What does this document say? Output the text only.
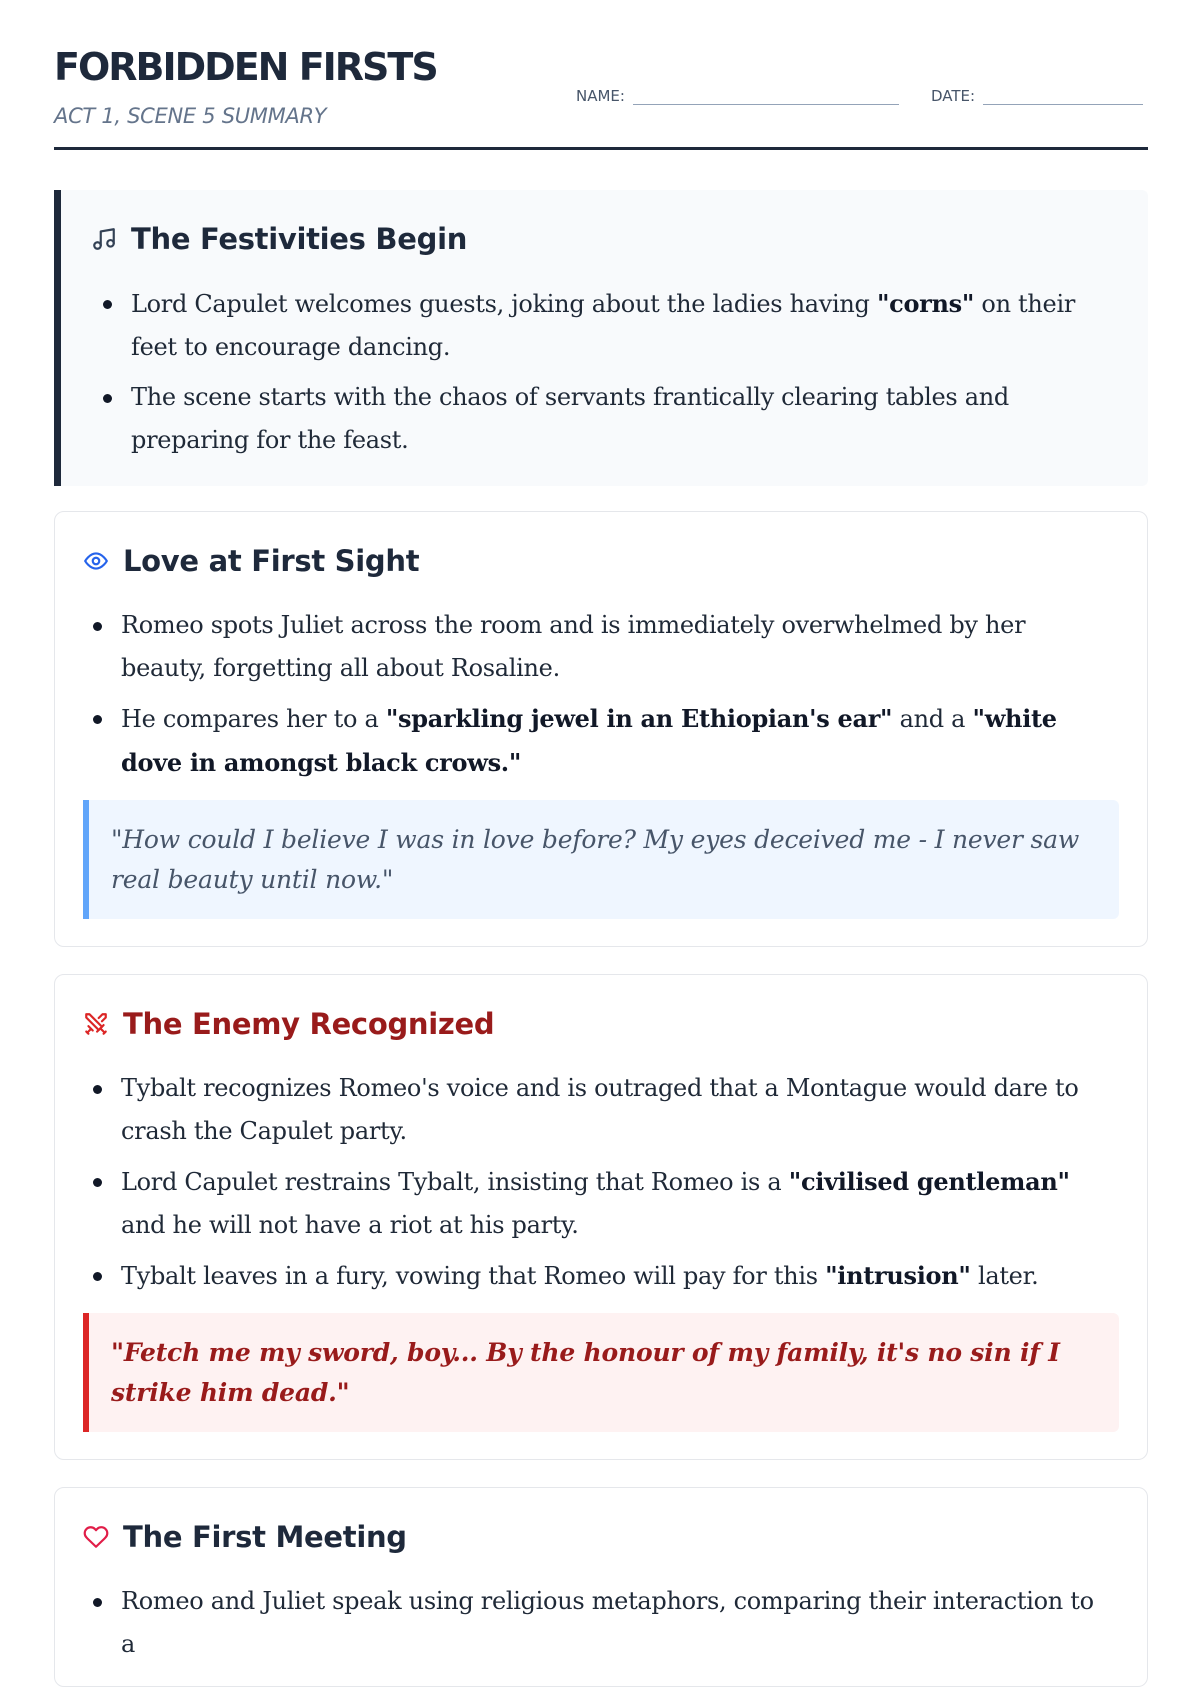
FORBIDDEN FIRSTS
ACT 1, SCENE 5 SUMMARY
NAME:	DATE:
The Festivities Begin
Lord Capulet welcomes guests, joking about the ladies having "corns" on their feet to encourage dancing.
The scene starts with the chaos of servants frantically clearing tables and preparing for the feast.
Love at First Sight
Romeo spots Juliet across the room and is immediately overwhelmed by her beauty, forgetting all about Rosaline.
He compares her to a "sparkling jewel in an Ethiopian's ear" and a "white dove in amongst black crows."
"How could I believe I was in love before? My eyes deceived me - I never saw real beauty until now."
The Enemy Recognized
Tybalt recognizes Romeo's voice and is outraged that a Montague would dare to crash the Capulet party.
Lord Capulet restrains Tybalt, insisting that Romeo is a "civilised gentleman" and he will not have a riot at his party.
Tybalt leaves in a fury, vowing that Romeo will pay for this "intrusion" later.
"Fetch me my sword, boy... By the honour of my family, it's no sin if I strike him dead."
The First Meeting
Romeo and Juliet speak using religious metaphors, comparing their interaction to a
